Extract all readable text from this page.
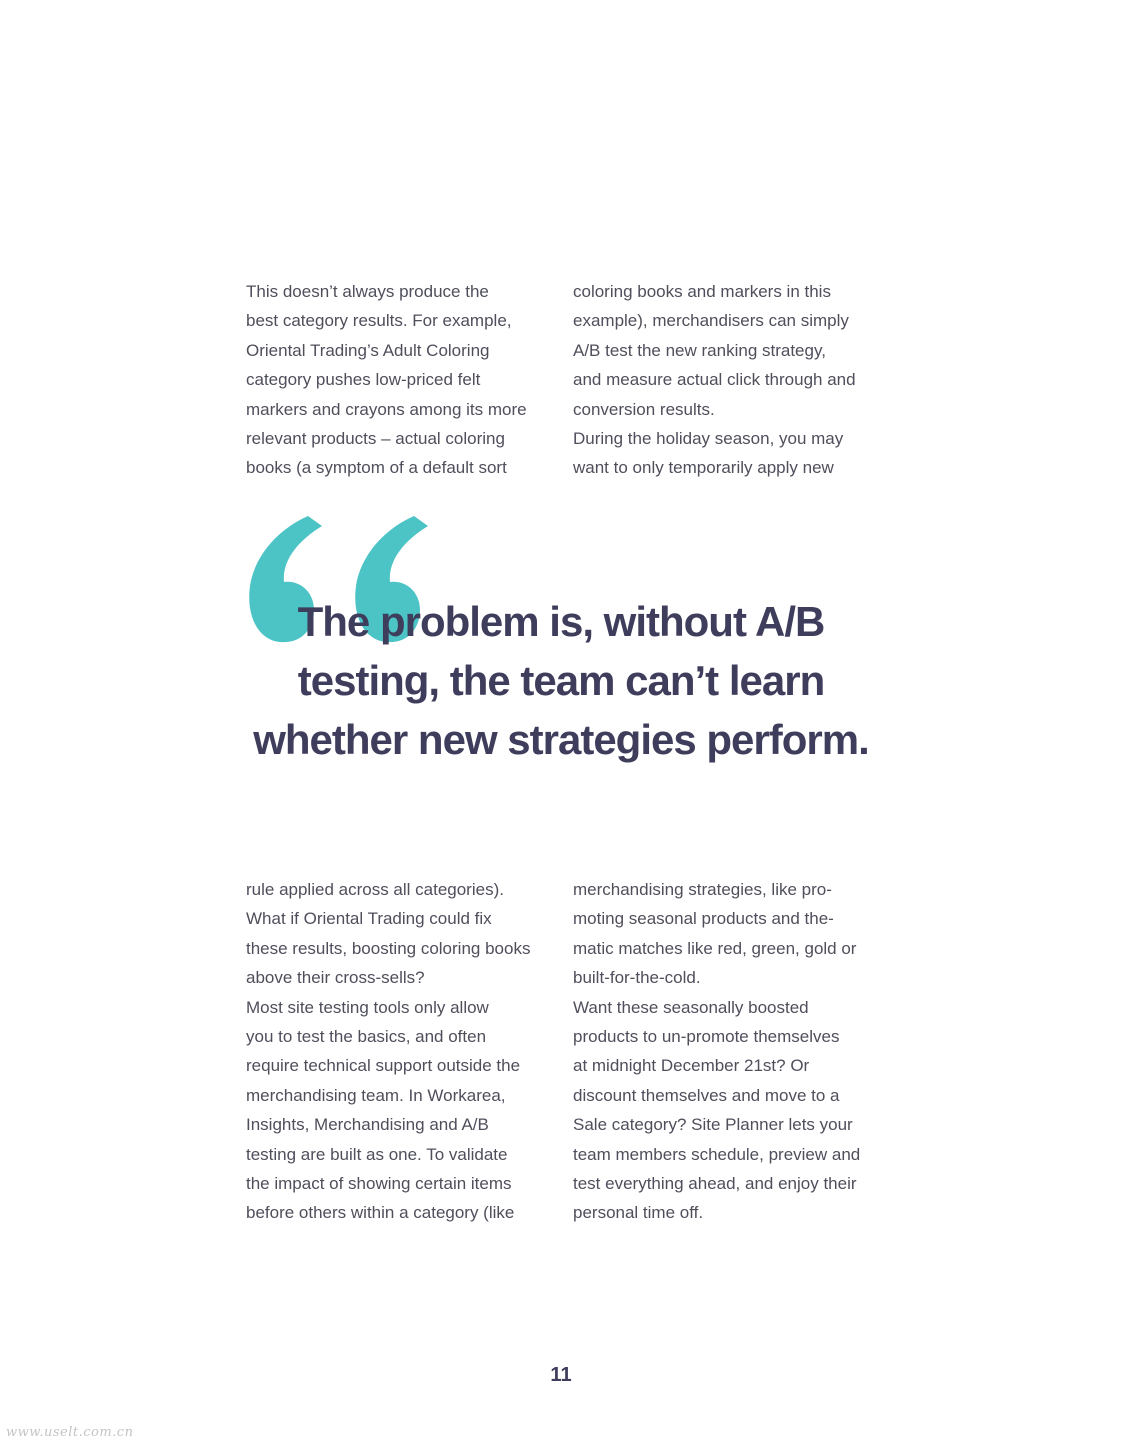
This doesn’t always produce the
best category results. For example,
Oriental Trading’s Adult Coloring
category pushes low-priced felt
markers and crayons among its more
relevant products – actual coloring
books (a symptom of a default sort

coloring books and markers in this
example), merchandisers can simply
A/B test the new ranking strategy,
and measure actual click through and
conversion results.
During the holiday season, you may
want to only temporarily apply new

The problem is, without A/B
testing, the team can’t learn
whether new strategies perform.

rule applied across all categories).
What if Oriental Trading could fix
these results, boosting coloring books
above their cross-sells?
Most site testing tools only allow
you to test the basics, and often
require technical support outside the
merchandising team. In Workarea,
Insights, Merchandising and A/B
testing are built as one. To validate
the impact of showing certain items
before others within a category (like

merchandising strategies, like pro-
moting seasonal products and the-
matic matches like red, green, gold or
built-for-the-cold.
Want these seasonally boosted
products to un-promote themselves
at midnight December 21st? Or
discount themselves and move to a
Sale category? Site Planner lets your
team members schedule, preview and
test everything ahead, and enjoy their
personal time off.

11
www.uselt.com.cn
